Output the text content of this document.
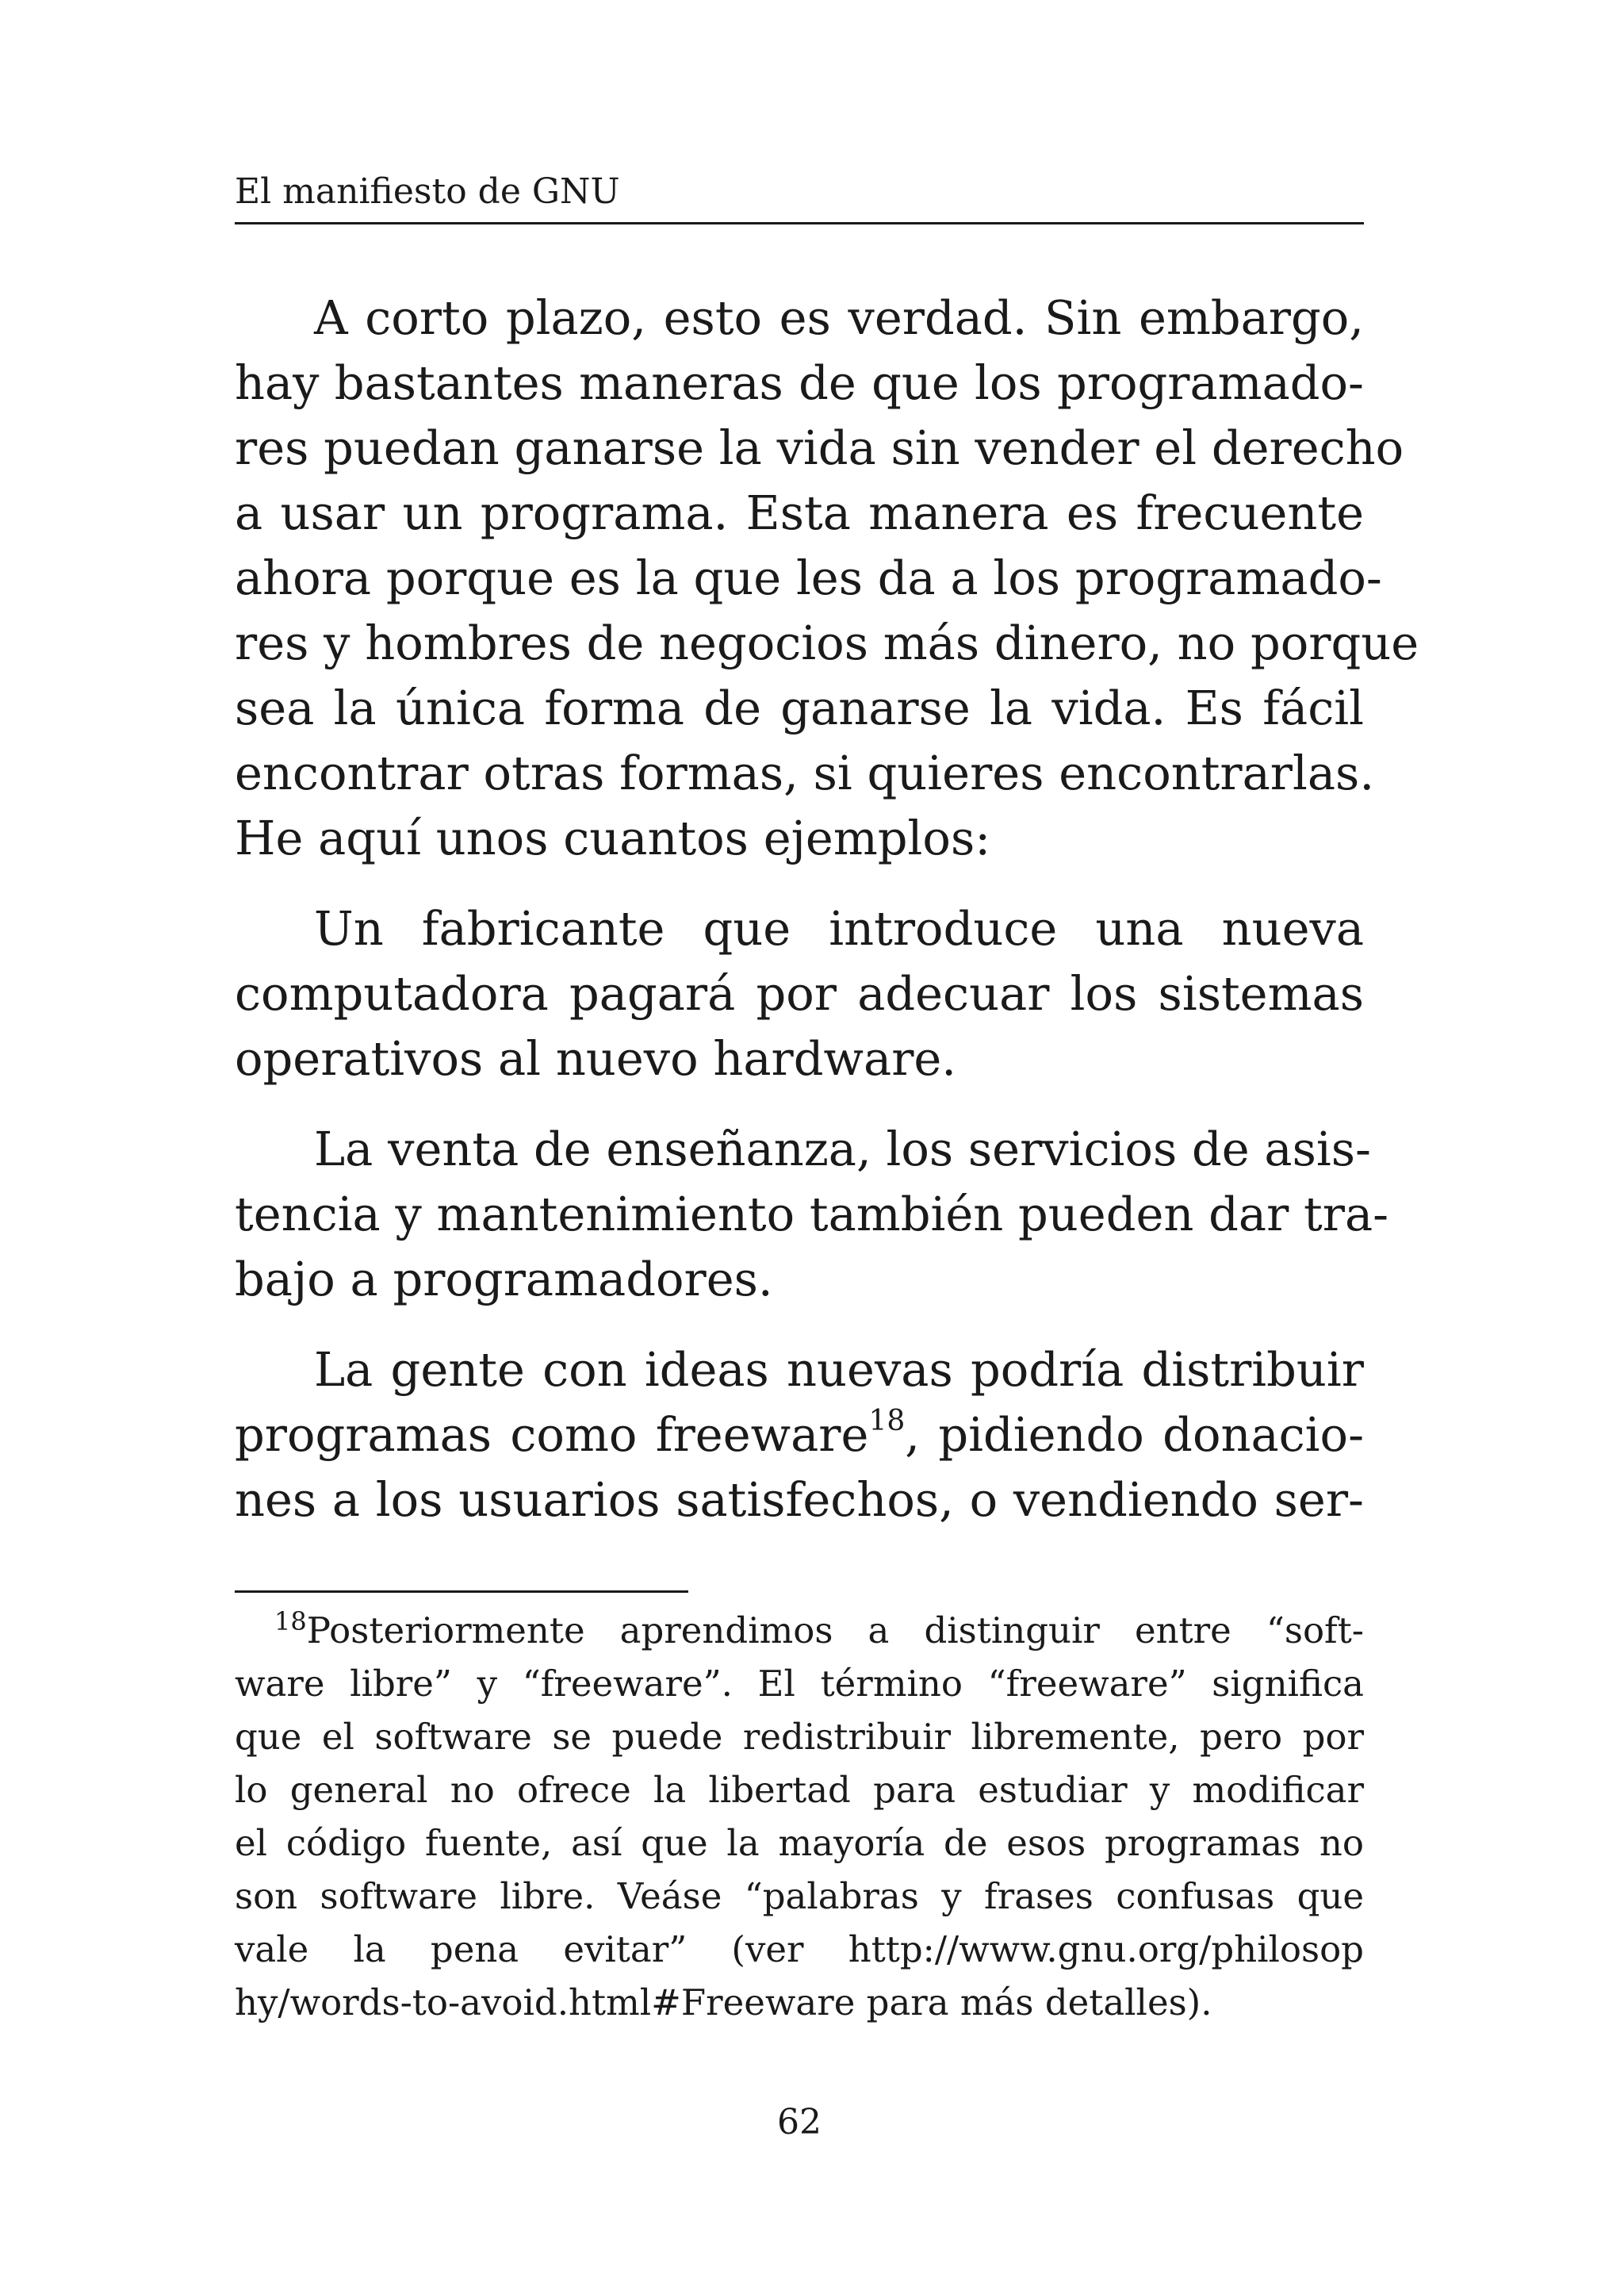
El manifiesto de GNU

A corto plazo, esto es verdad. Sin embargo,
hay bastantes maneras de que los programado-
res puedan ganarse la vida sin vender el derecho
a usar un programa. Esta manera es frecuente
ahora porque es la que les da a los programado-
res y hombres de negocios más dinero, no porque
sea la única forma de ganarse la vida. Es fácil
encontrar otras formas, si quieres encontrarlas.
He aquí unos cuantos ejemplos:

Un fabricante que introduce una nueva
computadora pagará por adecuar los sistemas
operativos al nuevo hardware.

La venta de enseñanza, los servicios de asis-
tencia y mantenimiento también pueden dar tra-
bajo a programadores.

La gente con ideas nuevas podría distribuir
programas como freeware$^{18}$, pidiendo donacio-
nes a los usuarios satisfechos, o vendiendo ser-

$^{18}$Posteriormente aprendimos a distinguir entre “soft-
ware libre” y “freeware”. El término “freeware” significa
que el software se puede redistribuir libremente, pero por
lo general no ofrece la libertad para estudiar y modificar
el código fuente, así que la mayoría de esos programas no
son software libre. Veáse “palabras y frases confusas que
vale la pena evitar” (ver http://www.gnu.org/philosop
hy/words-to-avoid.html#Freeware para más detalles).
62
